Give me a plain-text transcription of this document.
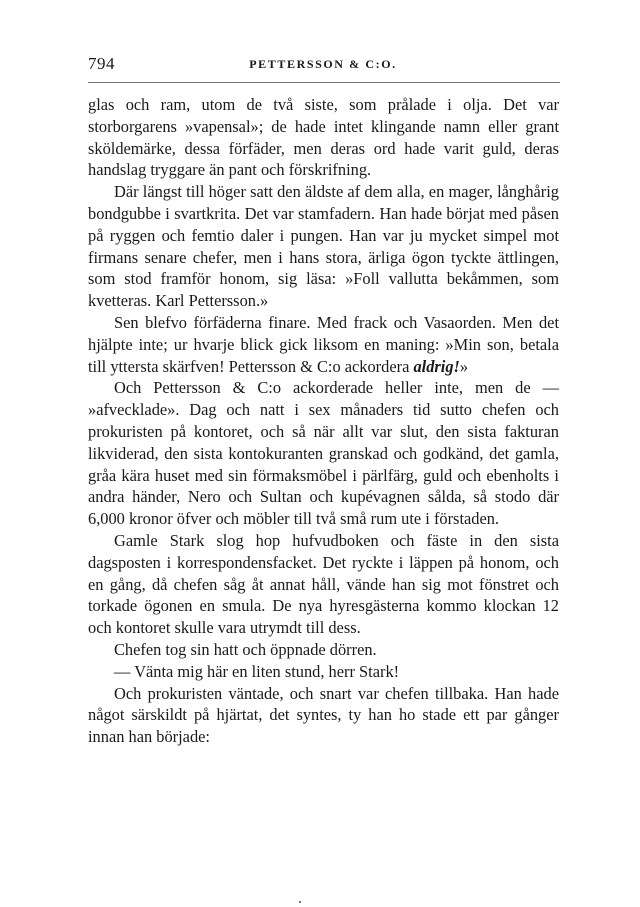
794	PETTERSSON & C:O.

glas och ram, utom de två siste, som prålade i olja. Det var storborgarens »vapensal»; de hade intet klingande namn eller grant sköldemärke, dessa förfäder, men deras ord hade varit guld, deras handslag tryggare än pant och förskrifning.

Där längst till höger satt den äldste af dem alla, en mager, långhårig bondgubbe i svartkrita. Det var stamfadern. Han hade börjat med påsen på ryggen och femtio daler i pungen. Han var ju mycket simpel mot firmans senare chefer, men i hans stora, ärliga ögon tyckte ättlingen, som stod framför honom, sig läsa: »Foll vallutta bekåmmen, som kvetteras. Karl Pettersson.»

Sen blefvo förfäderna finare. Med frack och Vasaorden. Men det hjälpte inte; ur hvarje blick gick liksom en maning: »Min son, betala till yttersta skärfven! Pettersson & C:o ackordera aldrig!»

Och Pettersson & C:o ackorderade heller inte, men de — »afvecklade». Dag och natt i sex månaders tid sutto chefen och prokuristen på kontoret, och så när allt var slut, den sista fakturan likviderad, den sista kontokuranten granskad och godkänd, det gamla, gråa kära huset med sin förmaksmöbel i pärlfärg, guld och ebenholts i andra händer, Nero och Sultan och kupévagnen sålda, så stodo där 6,000 kronor öfver och möbler till två små rum ute i förstaden.

Gamle Stark slog hop hufvudboken och fäste in den sista dagsposten i korrespondensfacket. Det ryckte i läppen på honom, och en gång, då chefen såg åt annat håll, vände han sig mot fönstret och torkade ögonen en smula. De nya hyresgästerna kommo klockan 12 och kontoret skulle vara utrymdt till dess.

Chefen tog sin hatt och öppnade dörren.

— Vänta mig här en liten stund, herr Stark!

Och prokuristen väntade, och snart var chefen tillbaka. Han hade något särskildt på hjärtat, det syntes, ty han ho stade ett par gånger innan han började:
